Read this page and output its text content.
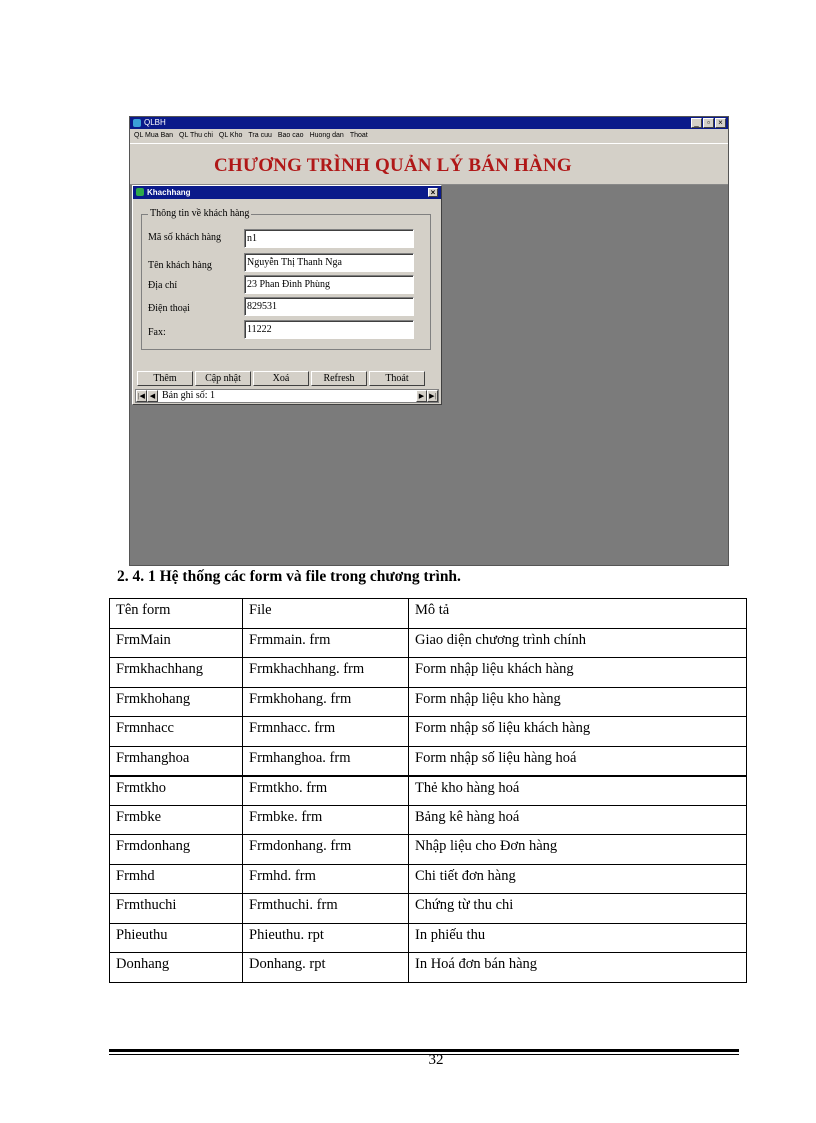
QLBH	_	▫	×
QL Mua Ban QL Thu chi QL Kho Tra cuu Bao cao Huong dan Thoat
CHƯƠNG TRÌNH QUẢN LÝ BÁN HÀNG
Khachhang	×
Thông tin về khách hàng
Mã số khách hàng	n1
Tên khách hàng	Nguyễn Thị Thanh Nga
Địa chỉ	23 Phan Đình Phùng
Điện thoại	829531
Fax:	11222
Thêm	Cập nhật	Xoá	Refresh	Thoát
|◀ ◀ Bản ghi số: 1	▶ ▶|
2. 4. 1 Hệ thống các form và file trong chương trình.
Tên form	File	Mô tả
FrmMain	Frmmain. frm	Giao diện chương trình chính
Frmkhachhang	Frmkhachhang. frm	Form nhập liệu khách hàng
Frmkhohang	Frmkhohang. frm	Form nhập liệu kho hàng
Frmnhacc	Frmnhacc. frm	Form nhập số liệu khách hàng
Frmhanghoa	Frmhanghoa. frm	Form nhập số liệu hàng hoá
Frmtkho	Frmtkho. frm	Thẻ kho hàng hoá
Frmbke	Frmbke. frm	Bảng kê hàng hoá
Frmdonhang	Frmdonhang. frm	Nhập liệu cho Đơn hàng
Frmhd	Frmhd. frm	Chi tiết đơn hàng
Frmthuchi	Frmthuchi. frm	Chứng từ thu chi
Phieuthu	Phieuthu. rpt	In phiếu thu
Donhang	Donhang. rpt	In Hoá đơn bán hàng
32
